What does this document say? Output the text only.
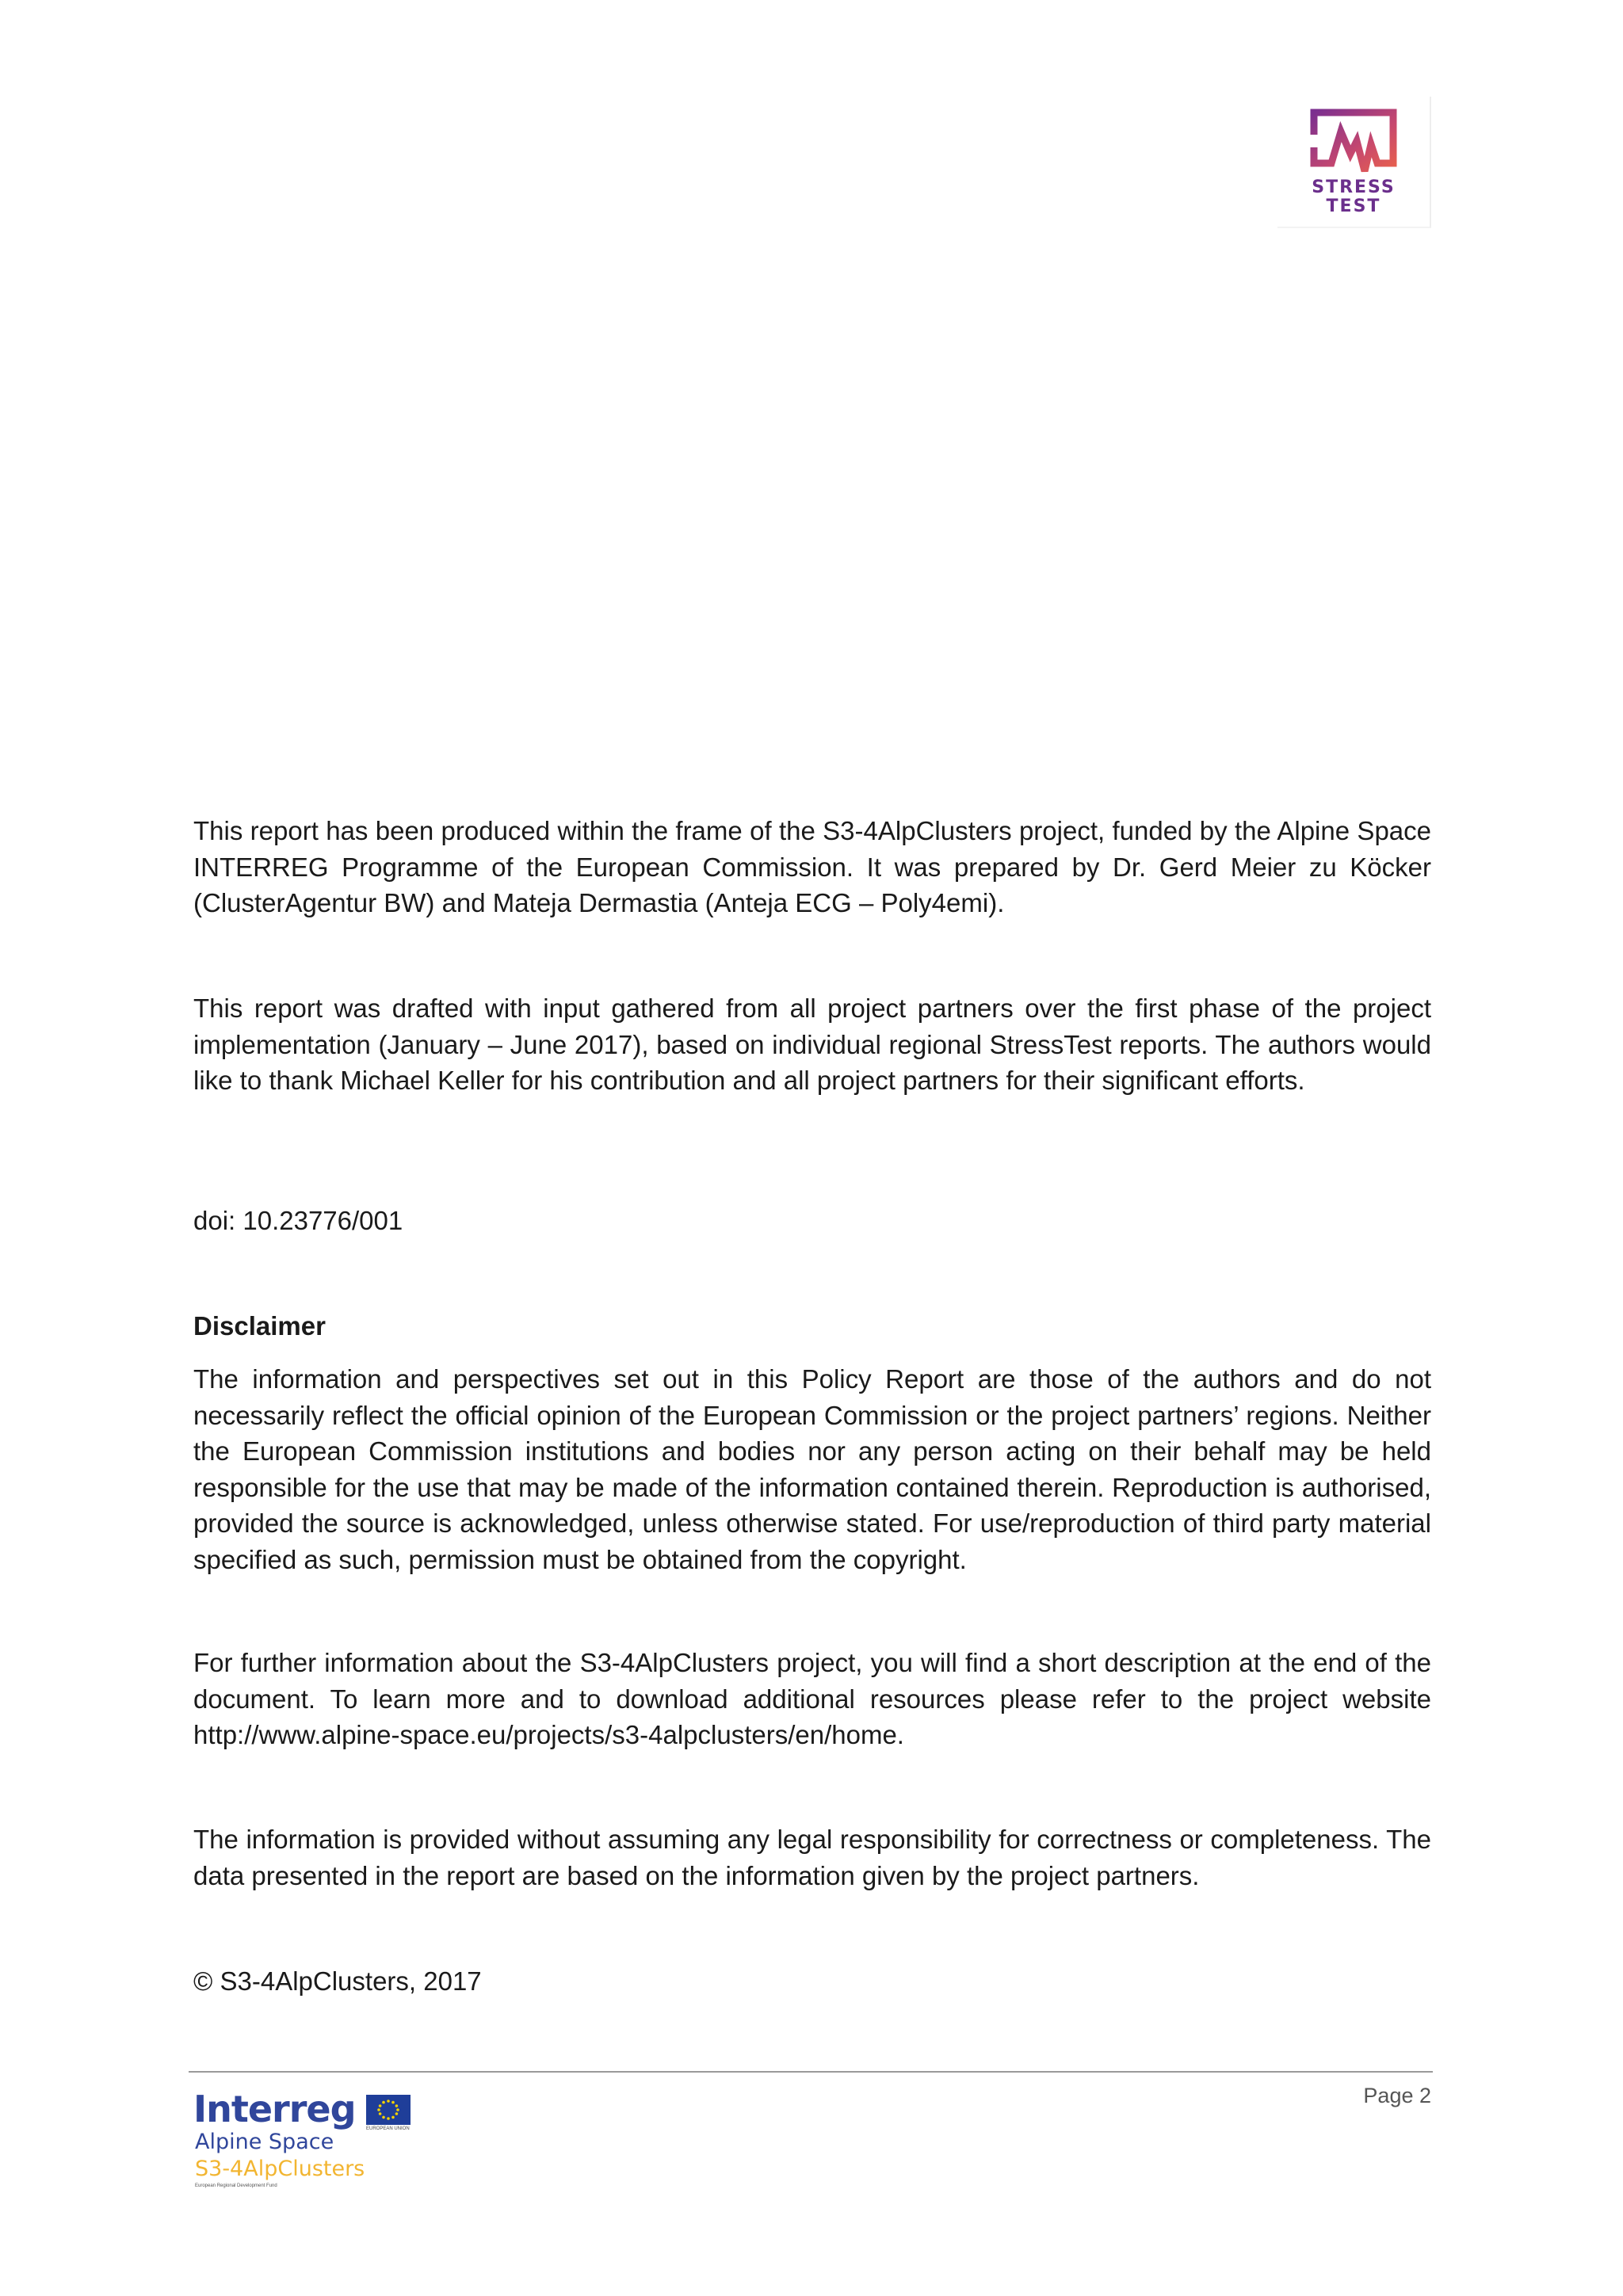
STRESS
TEST

This report has been produced within the frame of the S3-4AlpClusters project, funded by the Alpine Space INTERREG Programme of the European Commission. It was prepared by Dr. Gerd Meier zu Köcker (ClusterAgentur BW) and Mateja Dermastia (Anteja ECG – Poly4emi).

This report was drafted with input gathered from all project partners over the first phase of the project implementation (January – June 2017), based on individual regional StressTest reports. The authors would like to thank Michael Keller for his contribution and all project partners for their significant efforts.

doi: 10.23776/001

Disclaimer

The information and perspectives set out in this Policy Report are those of the authors and do not necessarily reflect the official opinion of the European Commission or the project partners’ regions. Neither the European Commission institutions and bodies nor any person acting on their behalf may be held responsible for the use that may be made of the information contained therein. Reproduction is authorised, provided the source is acknowledged, unless otherwise stated. For use/reproduction of third party material specified as such, permission must be obtained from the copyright.

For further information about the S3-4AlpClusters project, you will find a short description at the end of the document. To learn more and to download additional resources please refer to the project website http://www.alpine-space.eu/projects/s3-4alpclusters/en/home.

The information is provided without assuming any legal responsibility for correctness or completeness. The data presented in the report are based on the information given by the project partners.

© S3-4AlpClusters, 2017

Page 2
Interreg EUROPEAN UNION
Alpine Space
S3-4AlpClusters
European Regional Development Fund
